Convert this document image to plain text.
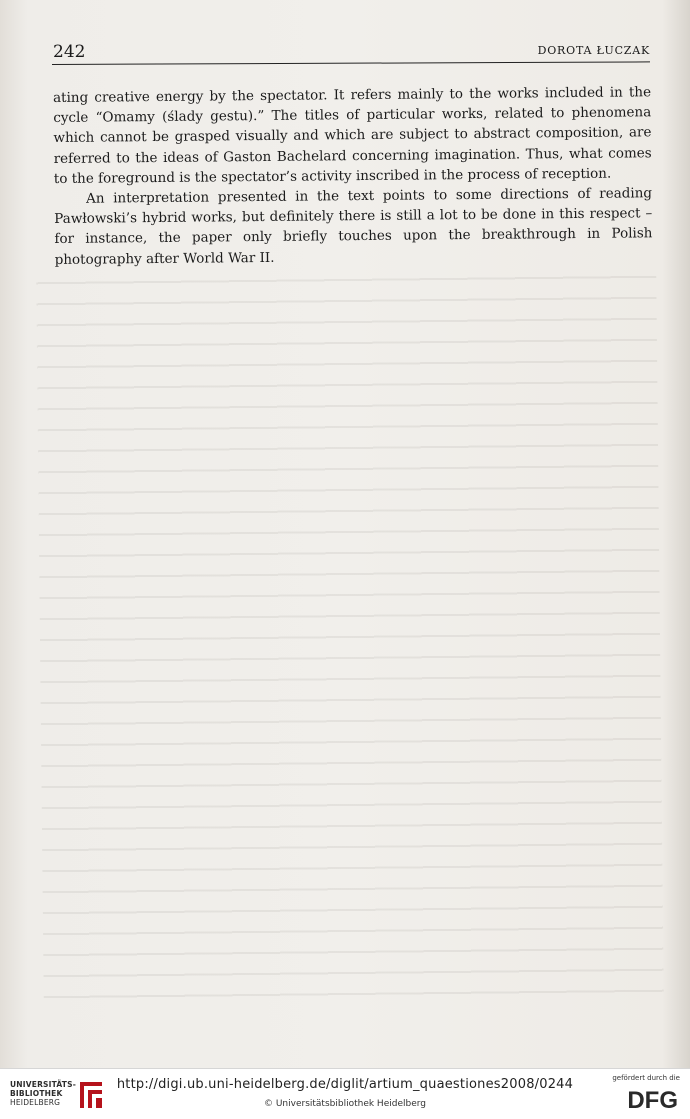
242	DOROTA ŁUCZAK

ating creative energy by the spectator. It refers mainly to the works included in the cycle “Omamy (ślady gestu).” The titles of particular works, related to phenomena which cannot be grasped visually and which are subject to abstract composition, are referred to the ideas of Gaston Bachelard concerning imagination. Thus, what comes to the foreground is the spectator’s activity inscribed in the process of reception.

An interpretation presented in the text points to some directions of reading Pawłowski’s hybrid works, but definitely there is still a lot to be done in this respect – for instance, the paper only briefly touches upon the breakthrough in Polish photography after World War II.

UNIVERSITÄTS-
BIBLIOTHEK
HEIDELBERG
http://digi.ub.uni-heidelberg.de/diglit/artium_quaestiones2008/0244
© Universitätsbibliothek Heidelberg
gefördert durch die
DFG
